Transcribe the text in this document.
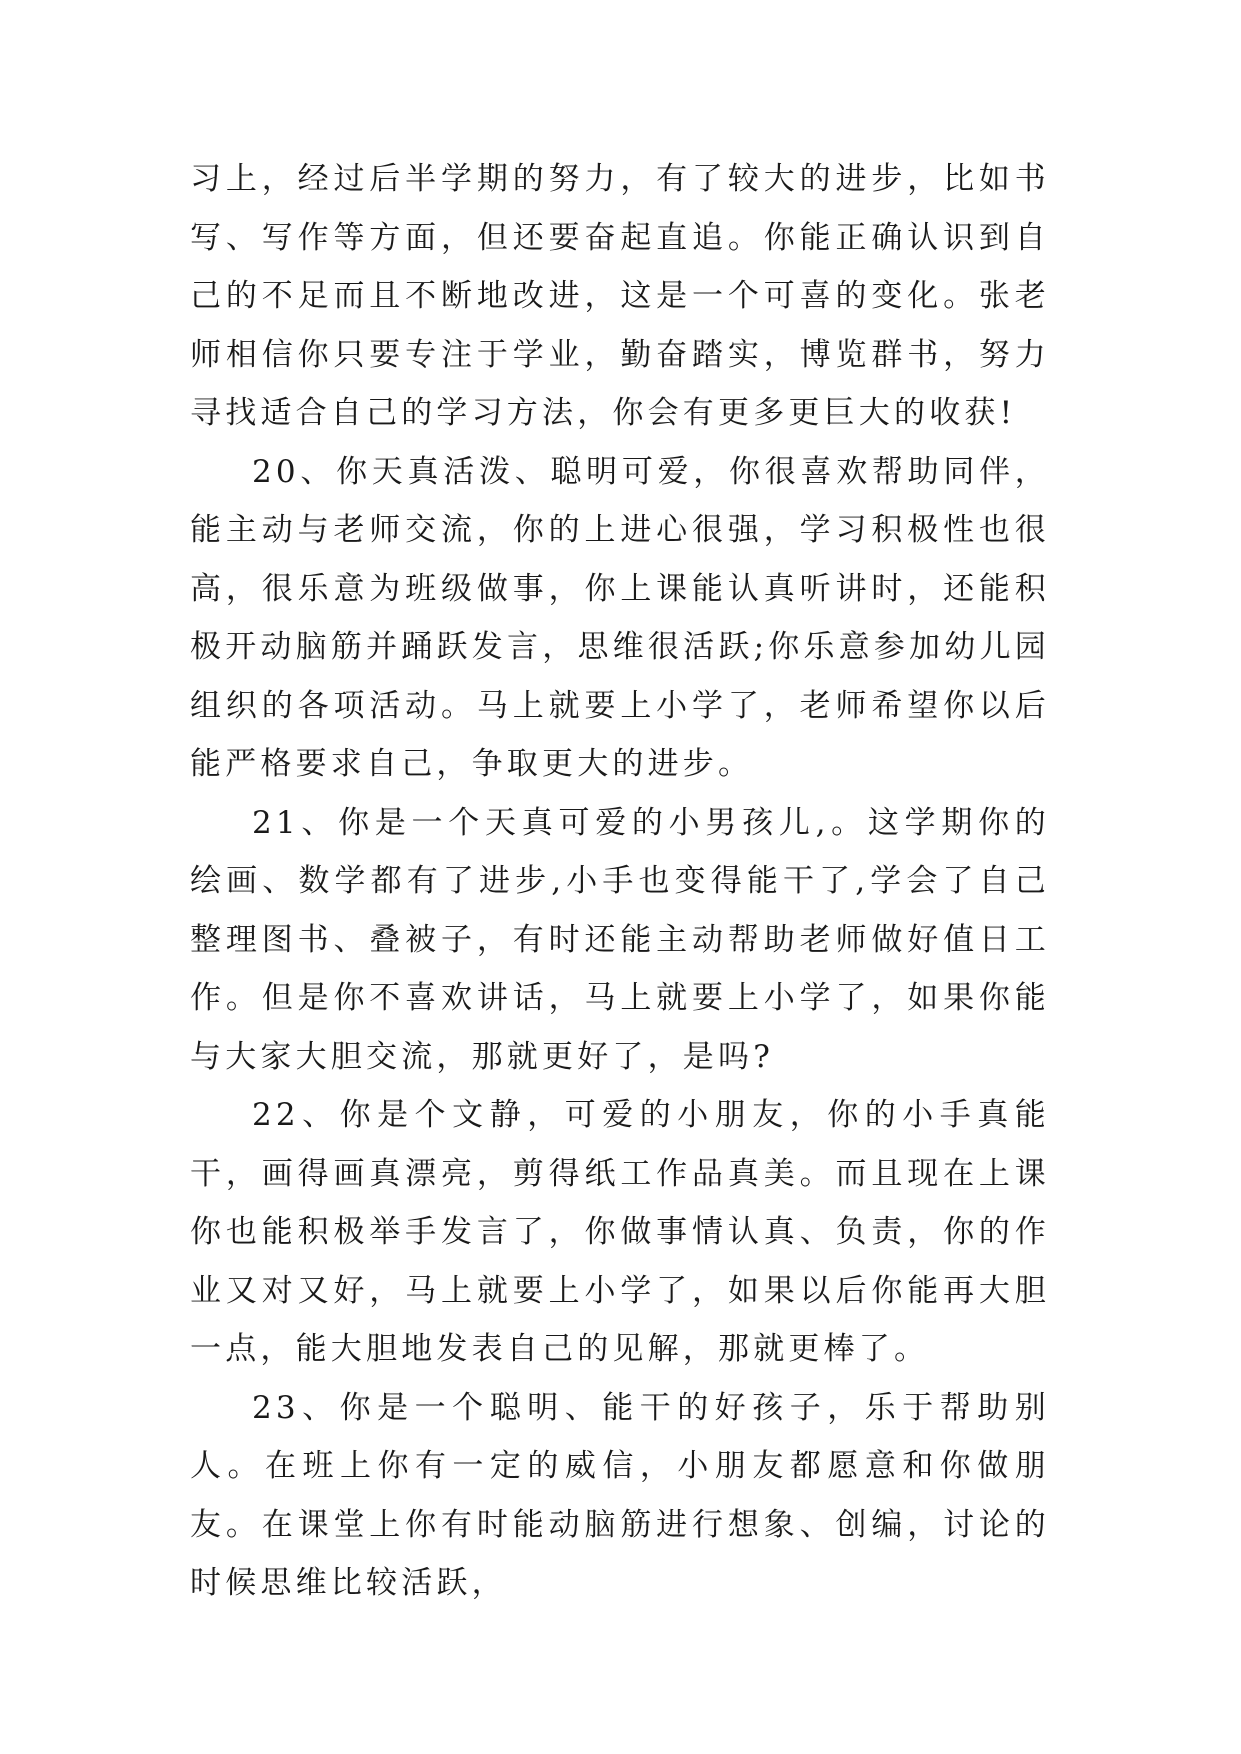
习上，经过后半学期的努力，有了较大的进步，比如书写、写作等方面，但还要奋起直追。你能正确认识到自己的不足而且不断地改进，这是一个可喜的变化。张老师相信你只要专注于学业，勤奋踏实，博览群书，努力寻找适合自己的学习方法，你会有更多更巨大的收获!

20、你天真活泼、聪明可爱，你很喜欢帮助同伴，能主动与老师交流，你的上进心很强，学习积极性也很高，很乐意为班级做事，你上课能认真听讲时，还能积极开动脑筋并踊跃发言，思维很活跃;你乐意参加幼儿园组织的各项活动。马上就要上小学了，老师希望你以后能严格要求自己，争取更大的进步。

21、你是一个天真可爱的小男孩儿,。这学期你的绘画、数学都有了进步,小手也变得能干了,学会了自己整理图书、叠被子，有时还能主动帮助老师做好值日工作。但是你不喜欢讲话，马上就要上小学了，如果你能与大家大胆交流，那就更好了，是吗?

22、你是个文静，可爱的小朋友，你的小手真能干，画得画真漂亮，剪得纸工作品真美。而且现在上课你也能积极举手发言了，你做事情认真、负责，你的作业又对又好，马上就要上小学了，如果以后你能再大胆一点，能大胆地发表自己的见解，那就更棒了。

23、你是一个聪明、能干的好孩子，乐于帮助别人。在班上你有一定的威信，小朋友都愿意和你做朋友。在课堂上你有时能动脑筋进行想象、创编，讨论的时候思维比较活跃，
